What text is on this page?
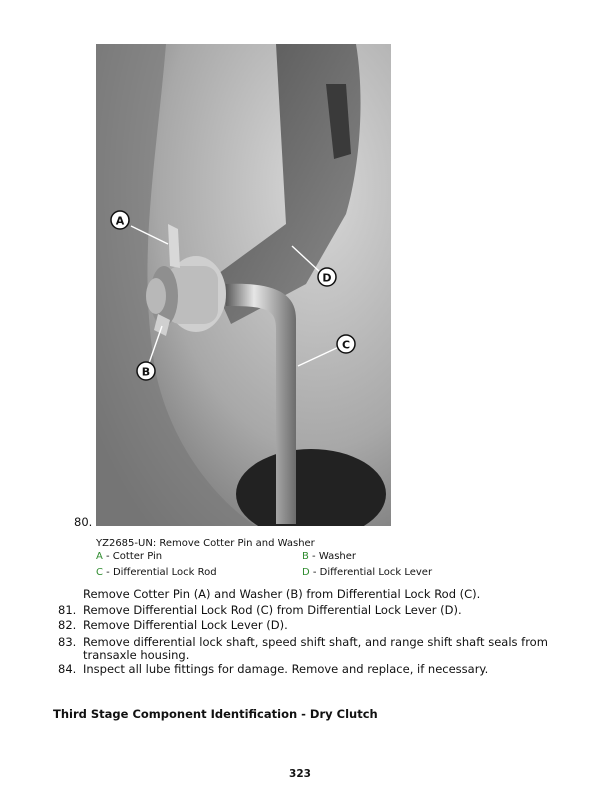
A
B
C
D
80.
YZ2685-UN: Remove Cotter Pin and Washer
A - Cotter Pin	B - Washer
C - Differential Lock Rod	D - Differential Lock Lever

Remove Cotter Pin (A) and Washer (B) from Differential Lock Rod (C).

81. Remove Differential Lock Rod (C) from Differential Lock Lever (D).

82. Remove Differential Lock Lever (D).

83. Remove differential lock shaft, speed shift shaft, and range shift shaft seals from transaxle housing.

84. Inspect all lube fittings for damage. Remove and replace, if necessary.

Third Stage Component Identification - Dry Clutch
323
